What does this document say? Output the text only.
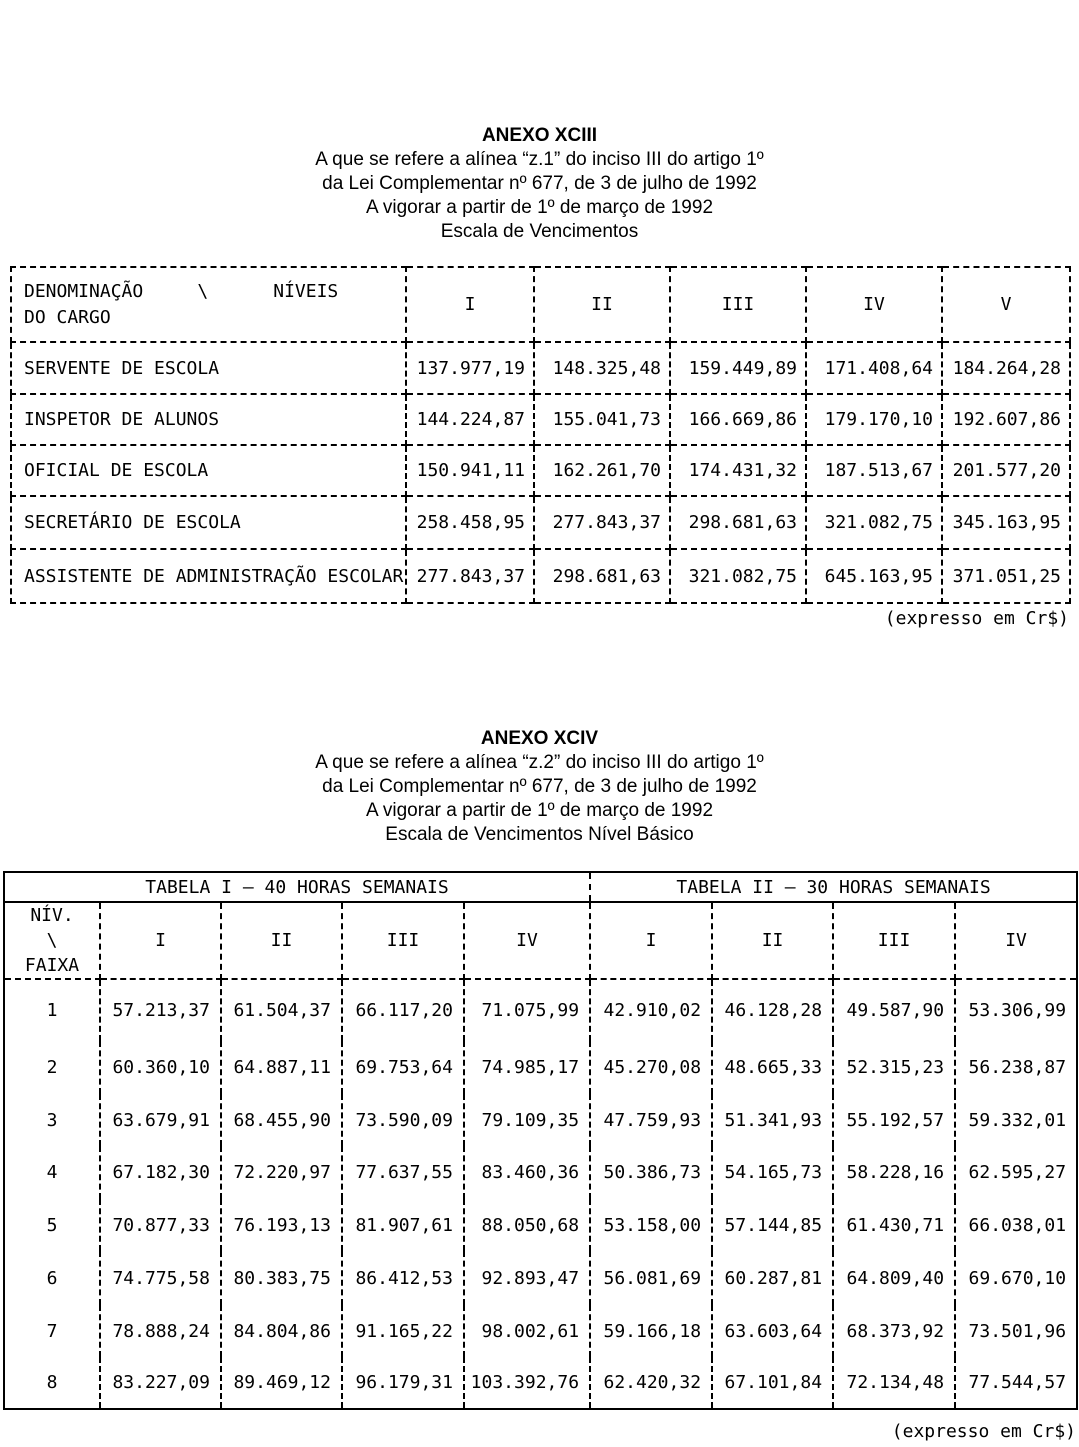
ANEXO XCIII
A que se refere a alínea “z.1” do inciso III do artigo 1º
da Lei Complementar nº 677, de 3 de julho de 1992
A vigorar a partir de 1º de março de 1992
Escala de Vencimentos
DENOMINAÇÃO     \      NÍVEIS
DO CARGO	I	II	III	IV	V
SERVENTE DE ESCOLA	137.977,19	148.325,48	159.449,89	171.408,64	184.264,28
INSPETOR DE ALUNOS	144.224,87	155.041,73	166.669,86	179.170,10	192.607,86
OFICIAL DE ESCOLA	150.941,11	162.261,70	174.431,32	187.513,67	201.577,20
SECRETÁRIO DE ESCOLA	258.458,95	277.843,37	298.681,63	321.082,75	345.163,95
ASSISTENTE DE ADMINISTRAÇÃO ESCOLAR	277.843,37	298.681,63	321.082,75	645.163,95	371.051,25
(expresso em Cr$)
ANEXO XCIV
A que se refere a alínea “z.2” do inciso III do artigo 1º
da Lei Complementar nº 677, de 3 de julho de 1992
A vigorar a partir de 1º de março de 1992
Escala de Vencimentos Nível Básico
TABELA I – 40 HORAS SEMANAIS					TABELA II – 30 HORAS SEMANAIS			

NÍV.
\
FAIXA	I	II	III	IV	I	II	III	IV
1	57.213,37	61.504,37	66.117,20	71.075,99	42.910,02	46.128,28	49.587,90	53.306,99
2	60.360,10	64.887,11	69.753,64	74.985,17	45.270,08	48.665,33	52.315,23	56.238,87
3	63.679,91	68.455,90	73.590,09	79.109,35	47.759,93	51.341,93	55.192,57	59.332,01
4	67.182,30	72.220,97	77.637,55	83.460,36	50.386,73	54.165,73	58.228,16	62.595,27
5	70.877,33	76.193,13	81.907,61	88.050,68	53.158,00	57.144,85	61.430,71	66.038,01
6	74.775,58	80.383,75	86.412,53	92.893,47	56.081,69	60.287,81	64.809,40	69.670,10
7	78.888,24	84.804,86	91.165,22	98.002,61	59.166,18	63.603,64	68.373,92	73.501,96
8	83.227,09	89.469,12	96.179,31	103.392,76	62.420,32	67.101,84	72.134,48	77.544,57
(expresso em Cr$)
